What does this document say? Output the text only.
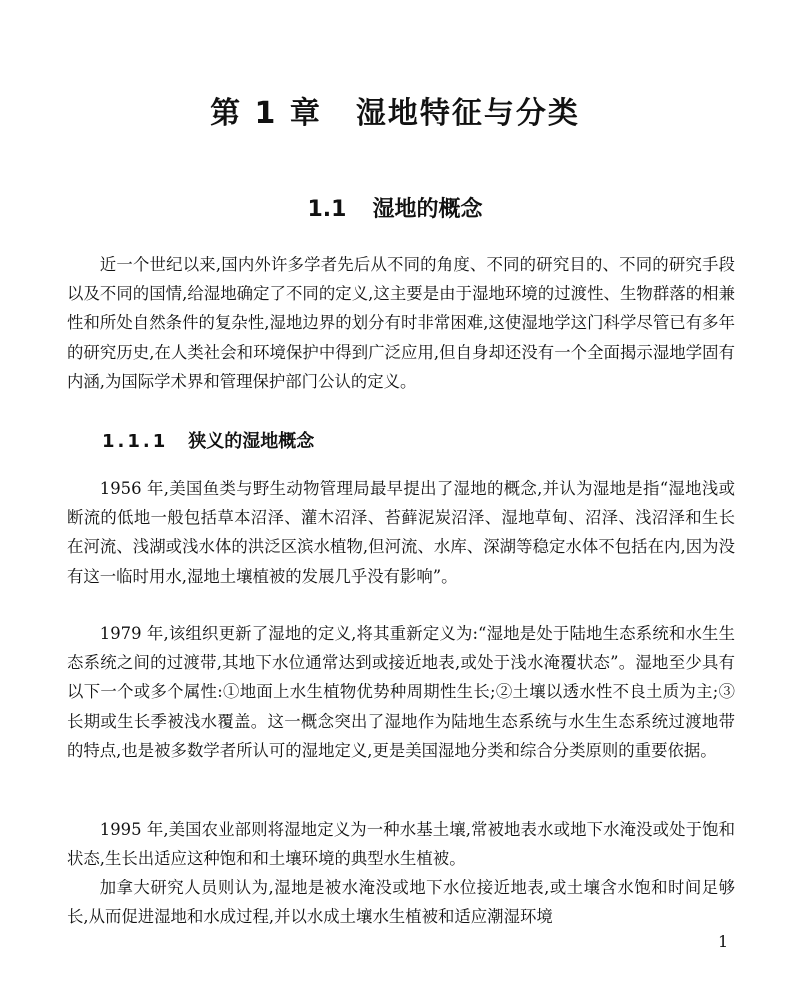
第 1 章 湿地特征与分类
1.1 湿地的概念

近一个世纪以来,国内外许多学者先后从不同的角度、不同的研究目的、不同的研究手段以及不同的国情,给湿地确定了不同的定义,这主要是由于湿地环境的过渡性、生物群落的相兼性和所处自然条件的复杂性,湿地边界的划分有时非常困难,这使湿地学这门科学尽管已有多年的研究历史,在人类社会和环境保护中得到广泛应用,但自身却还没有一个全面揭示湿地学固有内涵,为国际学术界和管理保护部门公认的定义。

1.1.1 狭义的湿地概念

1956 年,美国鱼类与野生动物管理局最早提出了湿地的概念,并认为湿地是指“湿地浅或断流的低地一般包括草本沼泽、灌木沼泽、苔藓泥炭沼泽、湿地草甸、沼泽、浅沼泽和生长在河流、浅湖或浅水体的洪泛区滨水植物,但河流、水库、深湖等稳定水体不包括在内,因为没有这一临时用水,湿地土壤植被的发展几乎没有影响”。

1979 年,该组织更新了湿地的定义,将其重新定义为:“湿地是处于陆地生态系统和水生生态系统之间的过渡带,其地下水位通常达到或接近地表,或处于浅水淹覆状态”。湿地至少具有以下一个或多个属性:①地面上水生植物优势种周期性生长;②土壤以透水性不良土质为主;③长期或生长季被浅水覆盖。这一概念突出了湿地作为陆地生态系统与水生生态系统过渡地带的特点,也是被多数学者所认可的湿地定义,更是美国湿地分类和综合分类原则的重要依据。

1995 年,美国农业部则将湿地定义为一种水基土壤,常被地表水或地下水淹没或处于饱和状态,生长出适应这种饱和和土壤环境的典型水生植被。

加拿大研究人员则认为,湿地是被水淹没或地下水位接近地表,或土壤含水饱和时间足够长,从而促进湿地和水成过程,并以水成土壤水生植被和适应潮湿环境

1
